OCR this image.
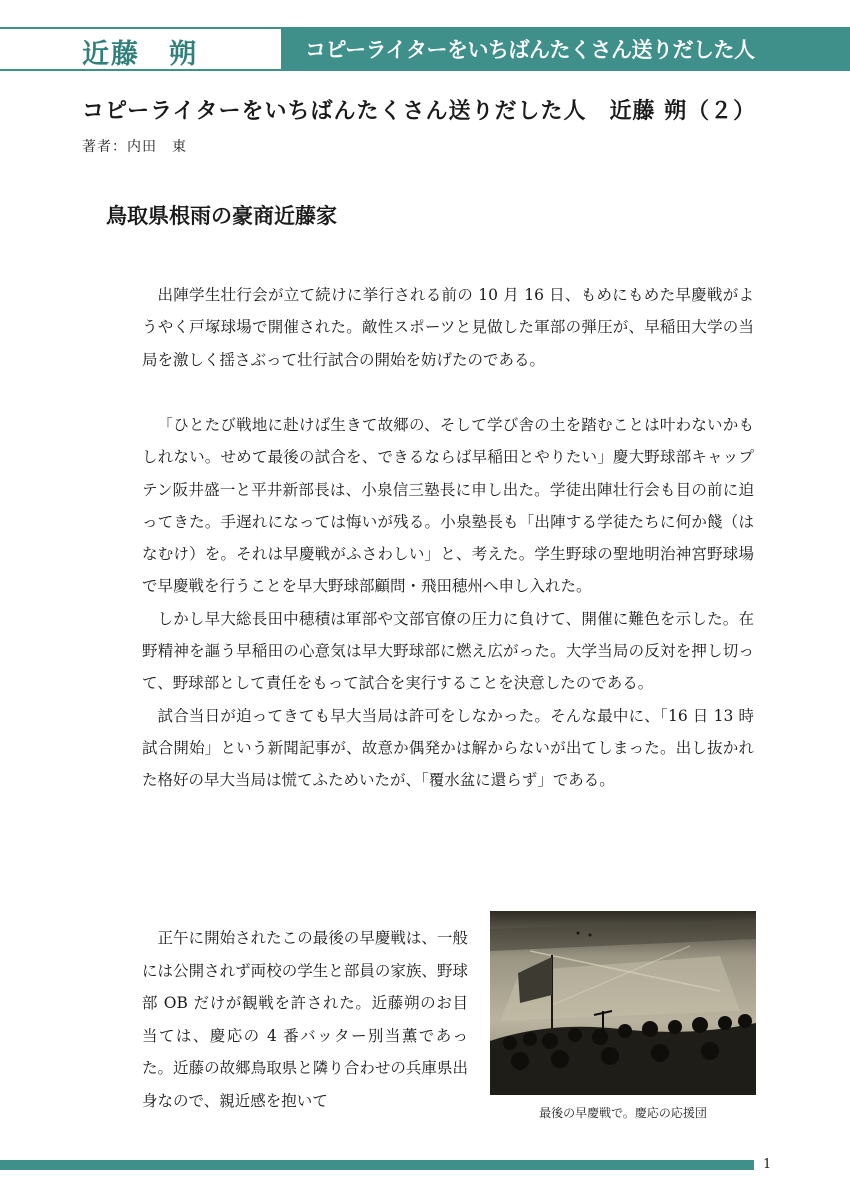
近藤　朔	コピーライターをいちばんたくさん送りだした人
コピーライターをいちばんたくさん送りだした人　近藤 朔（２）
著者：内田　東
鳥取県根雨の豪商近藤家

出陣学生壮行会が立て続けに挙行される前の 10 月 16 日、もめにもめた早慶戦がようやく戸塚球場で開催された。敵性スポーツと見做した軍部の弾圧が、早稲田大学の当局を激しく揺さぶって壮行試合の開始を妨げたのである。

「ひとたび戦地に赴けば生きて故郷の、そして学び舎の土を踏むことは叶わないかもしれない。せめて最後の試合を、できるならば早稲田とやりたい」慶大野球部キャップテン阪井盛一と平井新部長は、小泉信三塾長に申し出た。学徒出陣壮行会も目の前に迫ってきた。手遅れになっては悔いが残る。小泉塾長も「出陣する学徒たちに何か餞（はなむけ）を。それは早慶戦がふさわしい」と、考えた。学生野球の聖地明治神宮野球場で早慶戦を行うことを早大野球部顧問・飛田穂州へ申し入れた。

しかし早大総長田中穂積は軍部や文部官僚の圧力に負けて、開催に難色を示した。在野精神を謳う早稲田の心意気は早大野球部に燃え広がった。大学当局の反対を押し切って、野球部として責任をもって試合を実行することを決意したのである。

試合当日が迫ってきても早大当局は許可をしなかった。そんな最中に、「16 日 13 時試合開始」という新聞記事が、故意か偶発かは解からないが出てしまった。出し抜かれた格好の早大当局は慌てふためいたが、「覆水盆に還らず」である。

正午に開始されたこの最後の早慶戦は、一般には公開されず両校の学生と部員の家族、野球部 OB だけが観戦を許された。近藤朔のお目当ては、慶応の 4 番バッター別当薫であった。近藤の故郷鳥取県と隣り合わせの兵庫県出身なので、親近感を抱いて

最後の早慶戦で。慶応の応援団
1
